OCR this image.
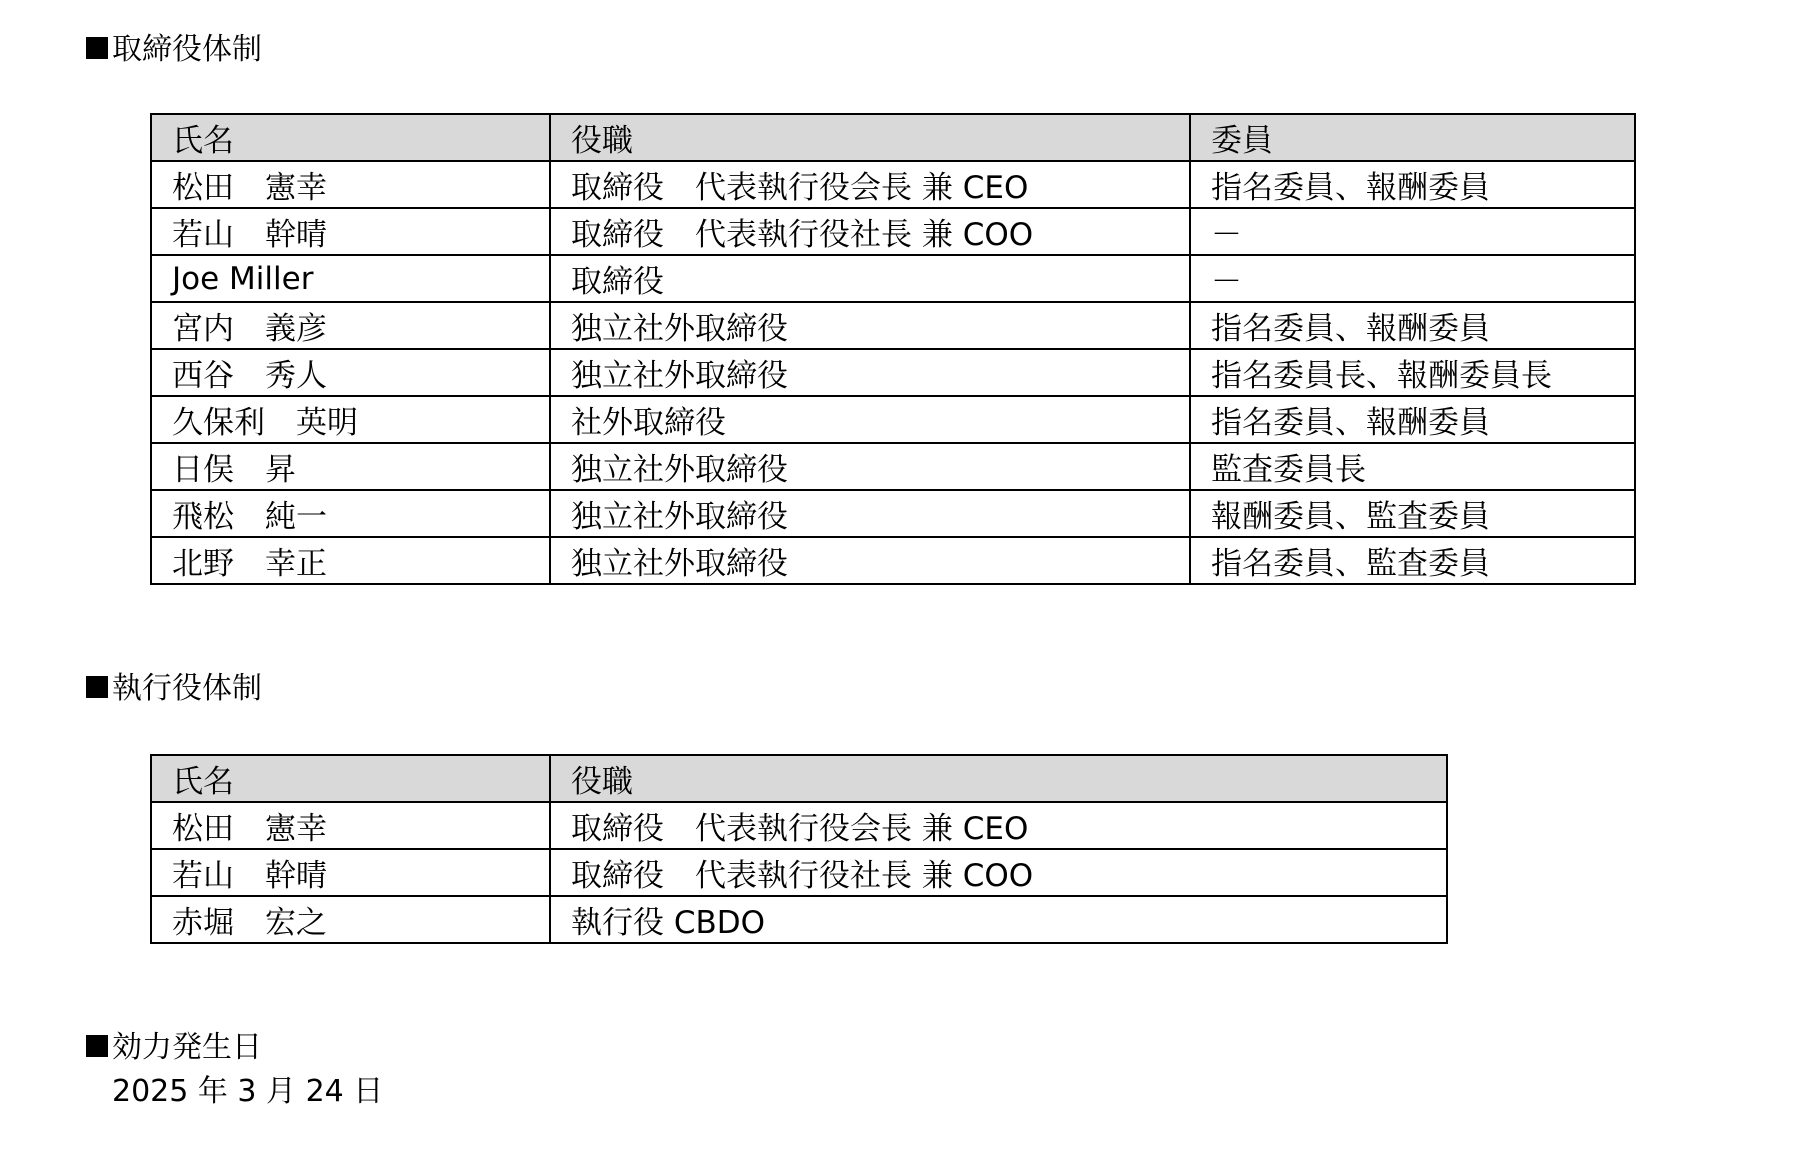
取締役体制
氏名	役職	委員
松田　憲幸	取締役　代表執行役会長 兼 CEO	指名委員、報酬委員
若山　幹晴	取締役　代表執行役社長 兼 COO	－
Joe Miller	取締役	－
宮内　義彦	独立社外取締役	指名委員、報酬委員
西谷　秀人	独立社外取締役	指名委員長、報酬委員長
久保利　英明	社外取締役	指名委員、報酬委員
日俣　昇	独立社外取締役	監査委員長
飛松　純一	独立社外取締役	報酬委員、監査委員
北野　幸正	独立社外取締役	指名委員、監査委員
執行役体制
氏名	役職
松田　憲幸	取締役　代表執行役会長 兼 CEO
若山　幹晴	取締役　代表執行役社長 兼 COO
赤堀　宏之	執行役 CBDO
効力発生日
2025 年 3 月 24 日
